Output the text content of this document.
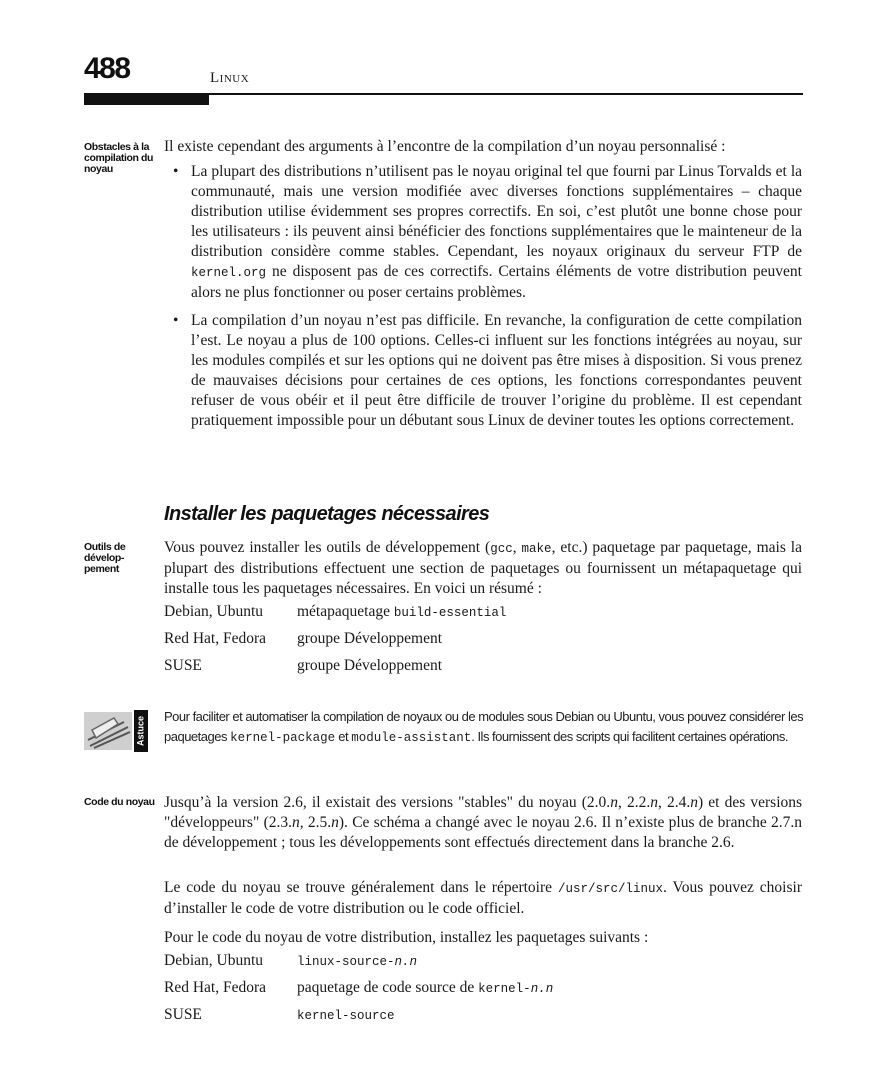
488	Linux
Obstacles à la compilation du noyau
Il existe cependant des arguments à l’encontre de la compilation d’un noyau personnalisé :
• La plupart des distributions n’utilisent pas le noyau original tel que fourni par Linus Torvalds et la communauté, mais une version modifiée avec diverses fonctions supplémentaires – chaque distribution utilise évidemment ses propres correctifs. En soi, c’est plutôt une bonne chose pour les utilisateurs : ils peuvent ainsi bénéficier des fonctions supplémentaires que le mainteneur de la distribution considère comme stables. Cependant, les noyaux originaux du serveur FTP de kernel.org ne disposent pas de ces correctifs. Certains éléments de votre distribution peuvent alors ne plus fonctionner ou poser certains problèmes.
• La compilation d’un noyau n’est pas difficile. En revanche, la configuration de cette compilation l’est. Le noyau a plus de 100 options. Celles-ci influent sur les fonctions intégrées au noyau, sur les modules compilés et sur les options qui ne doivent pas être mises à disposition. Si vous prenez de mauvaises décisions pour certaines de ces options, les fonctions correspondantes peuvent refuser de vous obéir et il peut être difficile de trouver l’origine du problème. Il est cependant pratiquement impossible pour un débutant sous Linux de deviner toutes les options correctement.
Installer les paquetages nécessaires
Outils de dévelop-pement
Vous pouvez installer les outils de développement (gcc, make, etc.) paquetage par paquetage, mais la plupart des distributions effectuent une section de paquetages ou fournissent un métapaquetage qui installe tous les paquetages nécessaires. En voici un résumé :
Debian, Ubuntu	métapaquetage build-essential
Red Hat, Fedora	groupe Développement
SUSE	groupe Développement
Astuce Pour faciliter et automatiser la compilation de noyaux ou de modules sous Debian ou Ubuntu, vous pouvez considérer les paquetages kernel-package et module-assistant. Ils fournissent des scripts qui facilitent certaines opérations.
Code du noyau Jusqu’à la version 2.6, il existait des versions "stables" du noyau (2.0.n, 2.2.n, 2.4.n) et des versions "développeurs" (2.3.n, 2.5.n). Ce schéma a changé avec le noyau 2.6. Il n’existe plus de branche 2.7.n de développement ; tous les développements sont effectués directement dans la branche 2.6.
Le code du noyau se trouve généralement dans le répertoire /usr/src/linux. Vous pouvez choisir d’installer le code de votre distribution ou le code officiel.
Pour le code du noyau de votre distribution, installez les paquetages suivants :
Debian, Ubuntu	linux-source-n.n
Red Hat, Fedora	paquetage de code source de kernel-n.n
SUSE	kernel-source
